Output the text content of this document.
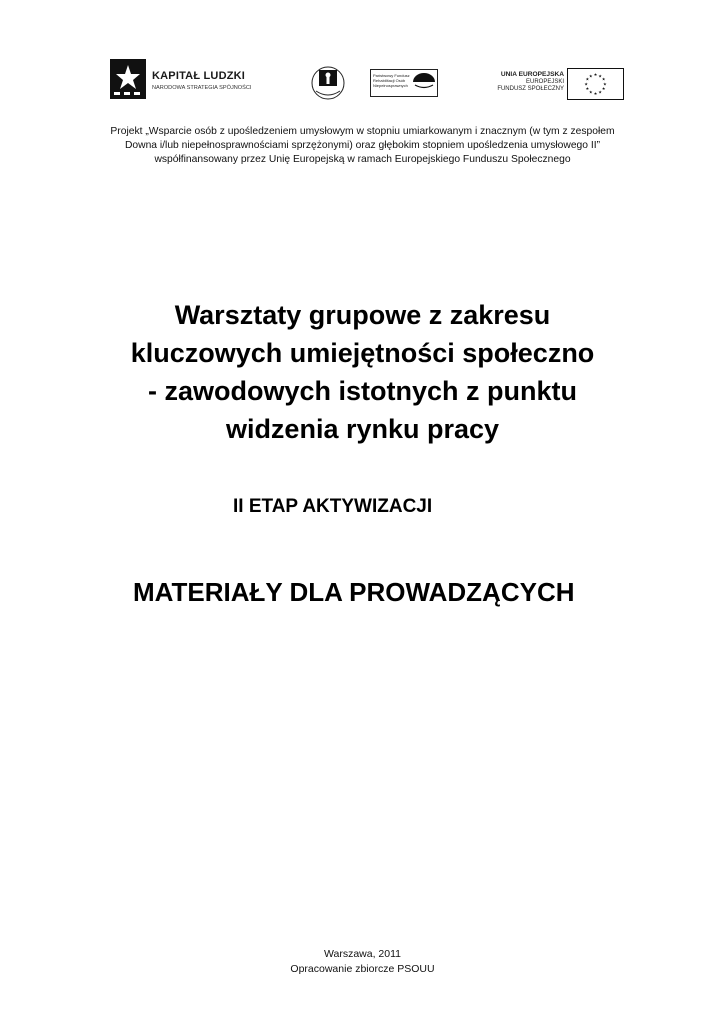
KAPITAŁ LUDZKI
NARODOWA STRATEGIA SPÓJNOŚCI
Państwowy Fundusz Rehabilitacji Osób Niepełnosprawnych
UNIA EUROPEJSKA
EUROPEJSKI
FUNDUSZ SPOŁECZNY
★
★
★
★
★
★
★
★
★ ★ ★
★
Projekt „Wsparcie osób z upośledzeniem umysłowym w stopniu umiarkowanym i znacznym (w tym z zespołem
Downa i/lub niepełnosprawnościami sprzężonymi) oraz głębokim stopniem upośledzenia umysłowego II”
współfinansowany przez Unię Europejską w ramach Europejskiego Funduszu Społecznego
Warsztaty grupowe z zakresu
kluczowych umiejętności społeczno
- zawodowych istotnych z punktu
widzenia rynku pracy
II ETAP AKTYWIZACJI
MATERIAŁY DLA PROWADZĄCYCH
Warszawa, 2011
Opracowanie zbiorcze PSOUU
